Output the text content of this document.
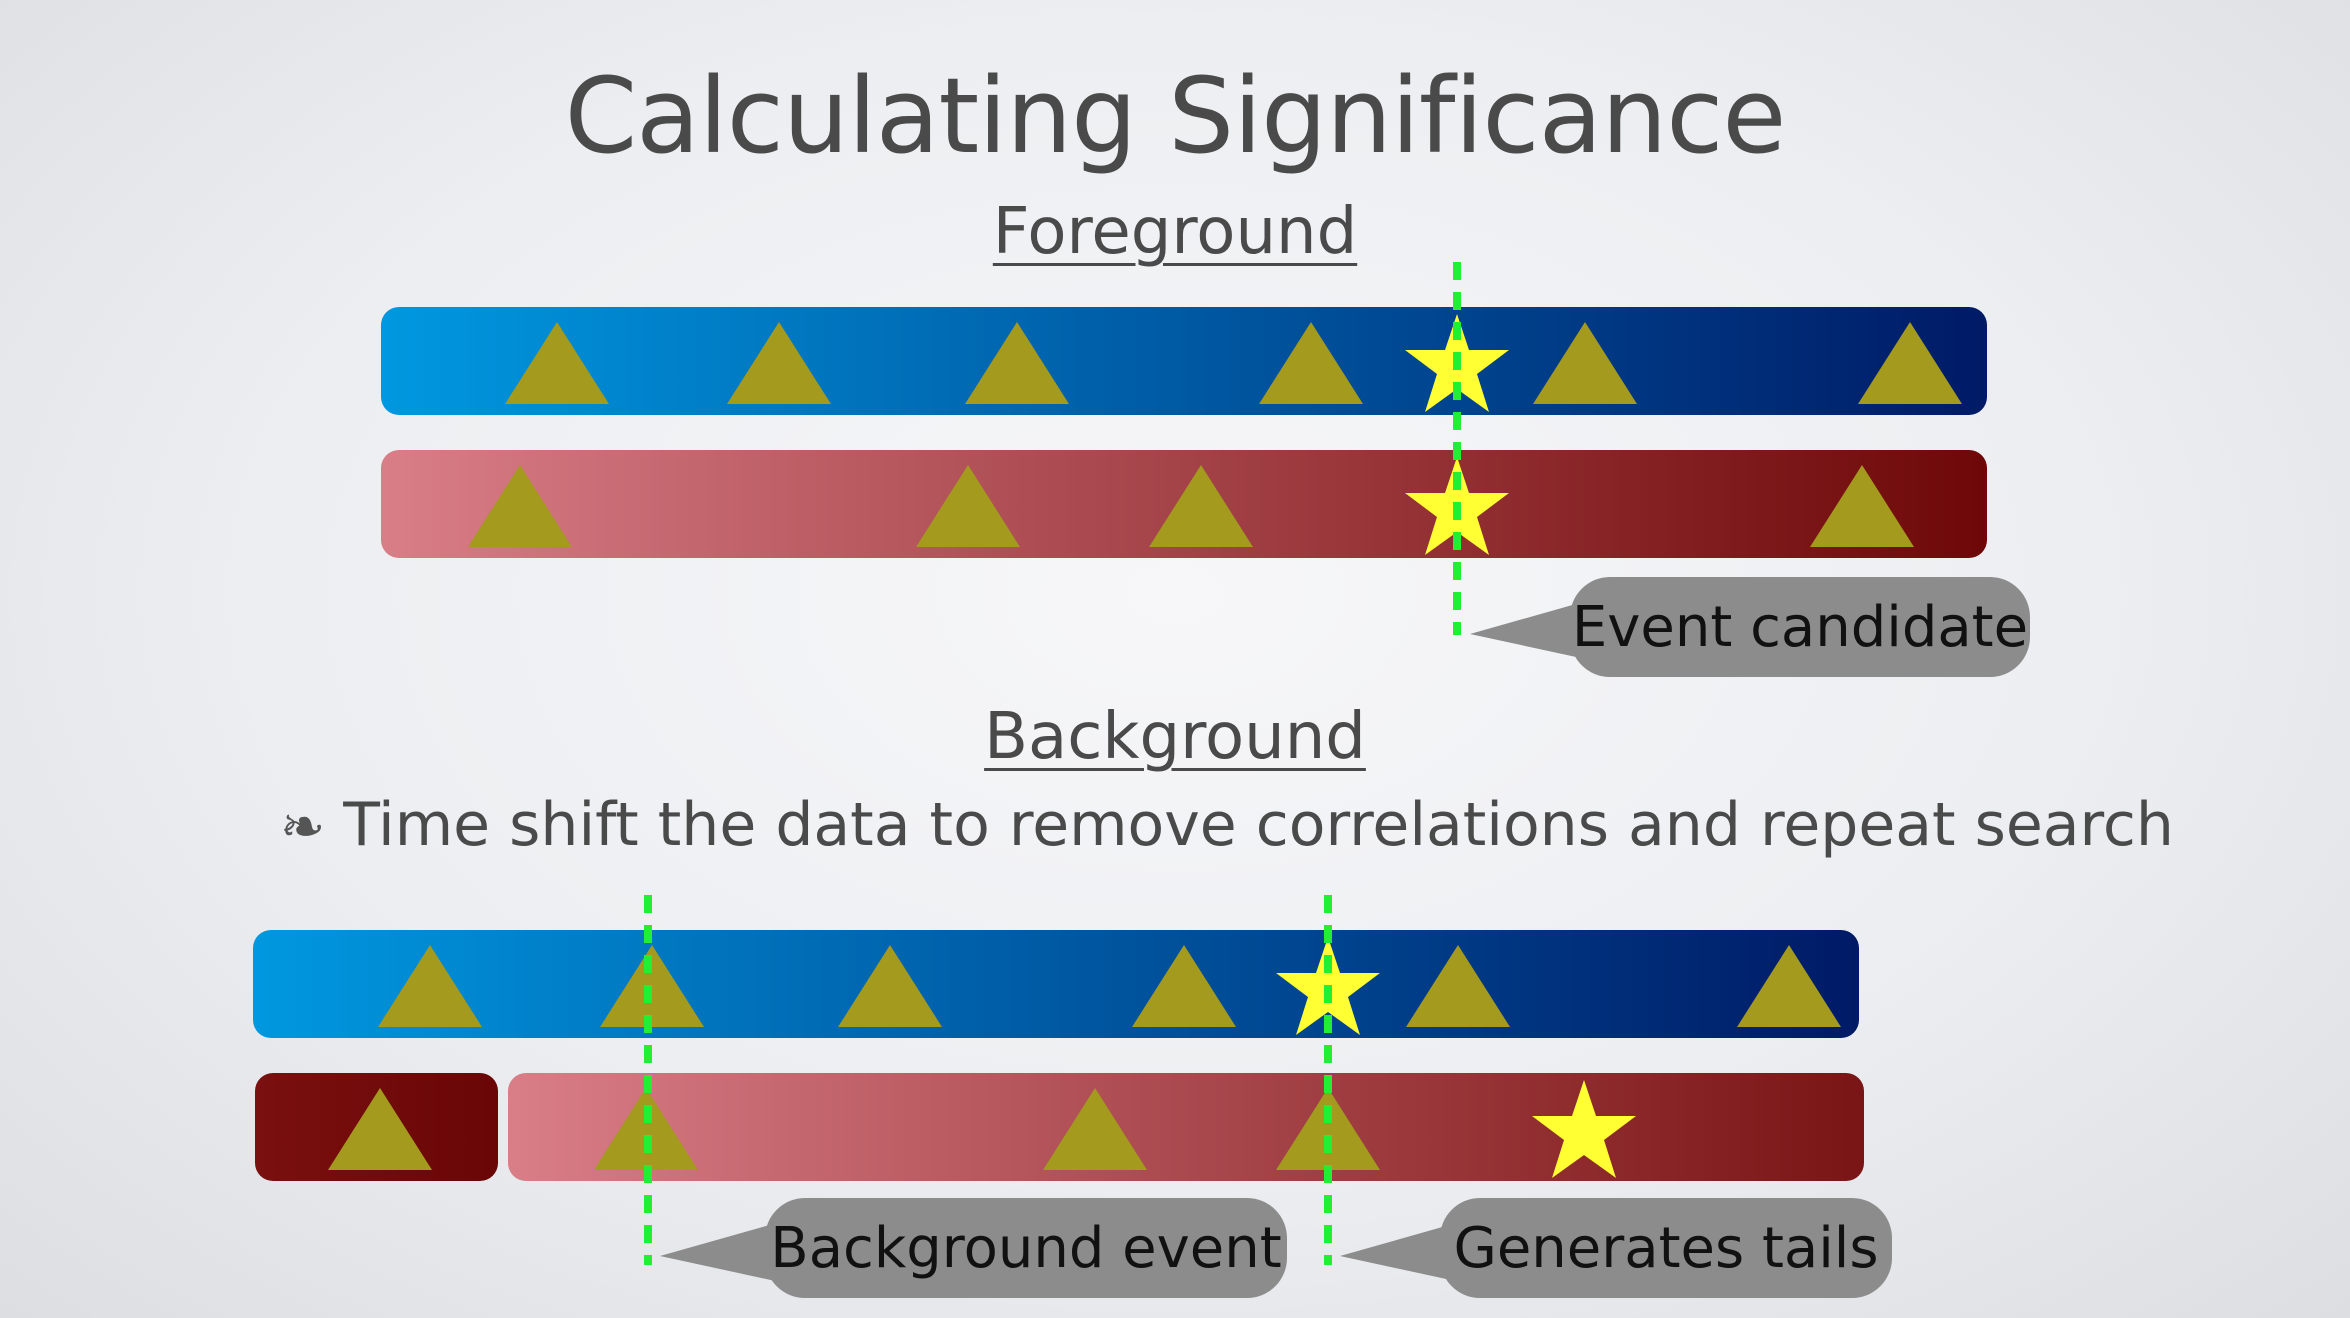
Event candidate
Background event	Generates tails
Calculating Significance
Foreground
Background
❧ Time shift the data to remove correlations and repeat search
